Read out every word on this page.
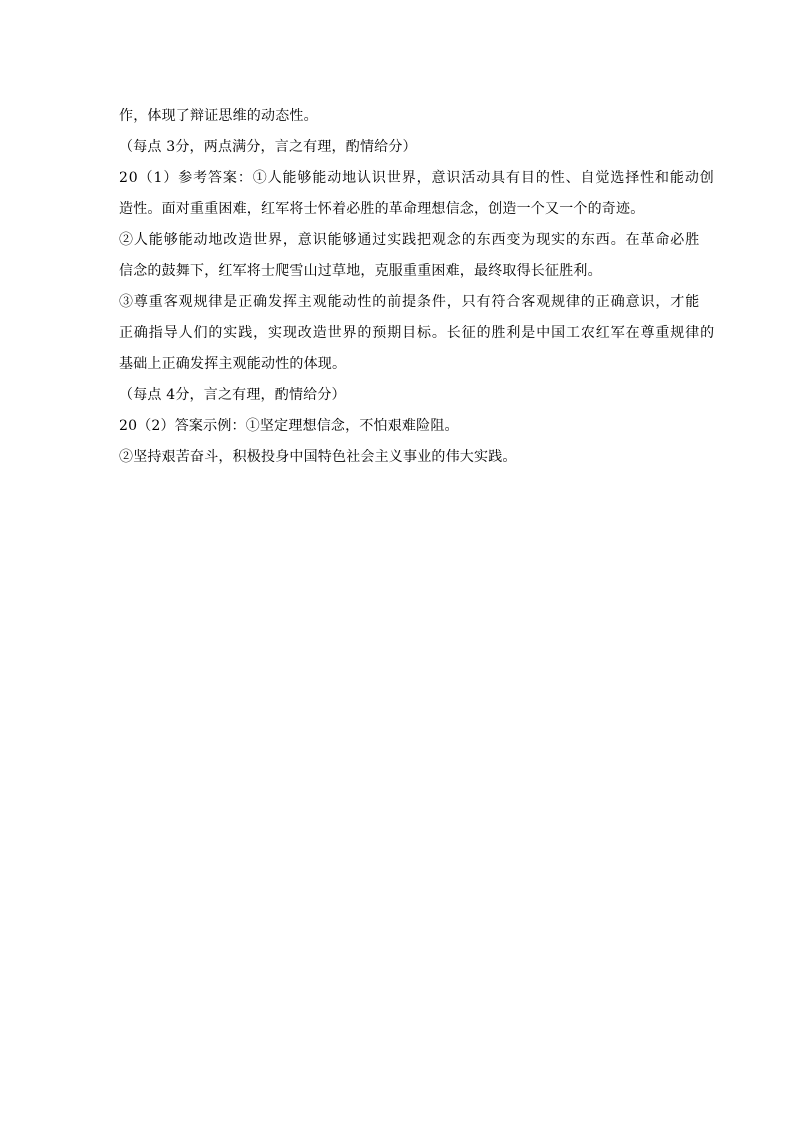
作，体现了辩证思维的动态性。
（每点 3分，两点满分，言之有理，酌情给分）
20（1）参考答案：①人能够能动地认识世界，意识活动具有目的性、自觉选择性和能动创
造性。面对重重困难，红军将士怀着必胜的革命理想信念，创造一个又一个的奇迹。
②人能够能动地改造世界，意识能够通过实践把观念的东西变为现实的东西。在革命必胜
信念的鼓舞下，红军将士爬雪山过草地，克服重重困难，最终取得长征胜利。
③尊重客观规律是正确发挥主观能动性的前提条件，只有符合客观规律的正确意识，才能
正确指导人们的实践，实现改造世界的预期目标。长征的胜利是中国工农红军在尊重规律的
基础上正确发挥主观能动性的体现。
（每点 4分，言之有理，酌情给分）
20（2）答案示例：①坚定理想信念，不怕艰难险阻。
②坚持艰苦奋斗，积极投身中国特色社会主义事业的伟大实践。
